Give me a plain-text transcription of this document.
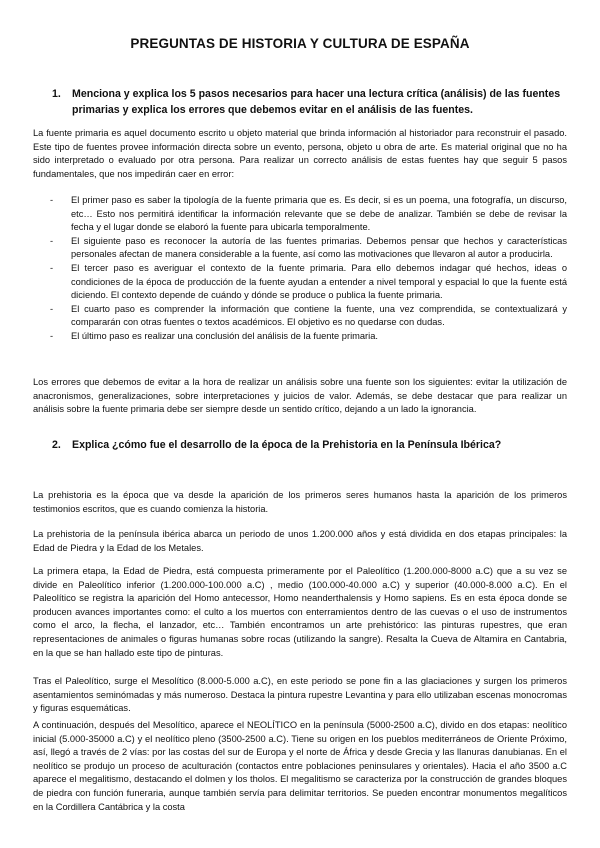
PREGUNTAS DE HISTORIA Y CULTURA DE ESPAÑA
1.	Menciona y explica los 5 pasos necesarios para hacer una lectura crítica (análisis) de las fuentes primarias y explica los errores que debemos evitar en el análisis de las fuentes.
La fuente primaria es aquel documento escrito u objeto material que brinda información al historiador para reconstruir el pasado. Este tipo de fuentes provee información directa sobre un evento, persona, objeto u obra de arte. Es material original que no ha sido interpretado o evaluado por otra persona. Para realizar un correcto análisis de estas fuentes hay que seguir 5 pasos fundamentales, que nos impedirán caer en error:
- El primer paso es saber la tipología de la fuente primaria que es. Es decir, si es un poema, una fotografía, un discurso, etc… Esto nos permitirá identificar la información relevante que se debe de analizar. También se debe de revisar la fecha y el lugar donde se elaboró la fuente para ubicarla temporalmente.
- El siguiente paso es reconocer la autoría de las fuentes primarias. Debemos pensar que hechos y características personales afectan de manera considerable a la fuente, así como las motivaciones que llevaron al autor a producirla.
- El tercer paso es averiguar el contexto de la fuente primaria. Para ello debemos indagar qué hechos, ideas o condiciones de la época de producción de la fuente ayudan a entender a nivel temporal y espacial lo que la fuente está diciendo. El contexto depende de cuándo y dónde se produce o publica la fuente primaria.
- El cuarto paso es comprender la información que contiene la fuente, una vez comprendida, se contextualizará y compararán con otras fuentes o textos académicos. El objetivo es no quedarse con dudas.
- El último paso es realizar una conclusión del análisis de la fuente primaria.
Los errores que debemos de evitar a la hora de realizar un análisis sobre una fuente son los siguientes: evitar la utilización de anacronismos, generalizaciones, sobre interpretaciones y juicios de valor. Además, se debe destacar que para realizar un análisis sobre la fuente primaria debe ser siempre desde un sentido crítico, dejando a un lado la ignorancia.
2.	Explica ¿cómo fue el desarrollo de la época de la Prehistoria en la Península Ibérica?
La prehistoria es la época que va desde la aparición de los primeros seres humanos hasta la aparición de los primeros testimonios escritos, que es cuando comienza la historia.
La prehistoria de la península ibérica abarca un periodo de unos 1.200.000 años y está dividida en dos etapas principales: la Edad de Piedra y la Edad de los Metales.
La primera etapa, la Edad de Piedra, está compuesta primeramente por el Paleolítico (1.200.000-8000 a.C) que a su vez se divide en Paleolítico inferior (1.200.000-100.000 a.C) , medio (100.000-40.000 a.C) y superior (40.000-8.000 a.C). En el Paleolítico se registra la aparición del Homo antecessor, Homo neanderthalensis y Homo sapiens. Es en esta época donde se producen avances importantes como: el culto a los muertos con enterramientos dentro de las cuevas o el uso de instrumentos como el arco, la flecha, el lanzador, etc… También encontramos un arte prehistórico: las pinturas rupestres, que eran representaciones de animales o figuras humanas sobre rocas (utilizando la sangre). Resalta la Cueva de Altamira en Cantabria, en la que se han hallado este tipo de pinturas.
Tras el Paleolítico, surge el Mesolítico (8.000-5.000 a.C), en este periodo se pone fin a las glaciaciones y surgen los primeros asentamientos seminómadas y más numeroso. Destaca la pintura rupestre Levantina y para ello utilizaban escenas monocromas y figuras esquemáticas.
A continuación, después del Mesolítico, aparece el NEOLÍTICO en la península (5000-2500 a.C), divido en dos etapas: neolítico inicial (5.000-35000 a.C) y el neolítico pleno (3500-2500 a.C). Tiene su origen en los pueblos mediterráneos de Oriente Próximo, así, llegó a través de 2 vías: por las costas del sur de Europa y el norte de África y desde Grecia y las llanuras danubianas. En el neolítico se produjo un proceso de aculturación (contactos entre poblaciones peninsulares y orientales). Hacia el año 3500 a.C aparece el megalitismo, destacando el dolmen y los tholos. El megalitismo se caracteriza por la construcción de grandes bloques de piedra con función funeraria, aunque también servía para delimitar territorios. Se pueden encontrar monumentos megalíticos en la Cordillera Cantábrica y la costa
